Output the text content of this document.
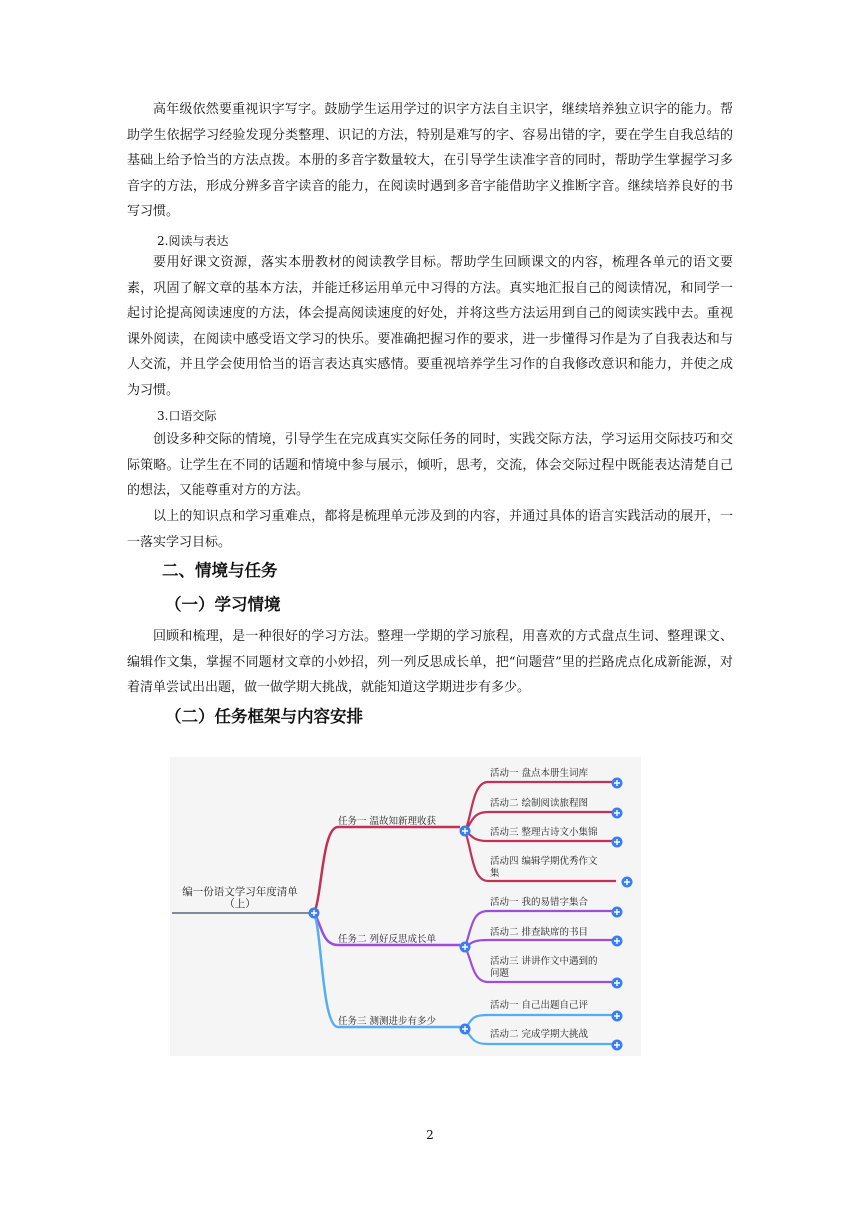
高年级依然要重视识字写字。鼓励学生运用学过的识字方法自主识字，继续培养独立识字的能力。帮助学生依据学习经验发现分类整理、识记的方法，特别是难写的字、容易出错的字，要在学生自我总结的基础上给予恰当的方法点拨。本册的多音字数量较大，在引导学生读准字音的同时，帮助学生掌握学习多音字的方法，形成分辨多音字读音的能力，在阅读时遇到多音字能借助字义推断字音。继续培养良好的书写习惯。

2.阅读与表达

要用好课文资源，落实本册教材的阅读教学目标。帮助学生回顾课文的内容，梳理各单元的语文要素，巩固了解文章的基本方法，并能迁移运用单元中习得的方法。真实地汇报自己的阅读情况，和同学一起讨论提高阅读速度的方法，体会提高阅读速度的好处，并将这些方法运用到自己的阅读实践中去。重视课外阅读，在阅读中感受语文学习的快乐。要准确把握习作的要求，进一步懂得习作是为了自我表达和与人交流，并且学会使用恰当的语言表达真实感情。要重视培养学生习作的自我修改意识和能力，并使之成为习惯。

3.口语交际

创设多种交际的情境，引导学生在完成真实交际任务的同时，实践交际方法，学习运用交际技巧和交际策略。让学生在不同的话题和情境中参与展示，倾听，思考，交流，体会交际过程中既能表达清楚自己的想法，又能尊重对方的方法。

以上的知识点和学习重难点，都将是梳理单元涉及到的内容，并通过具体的语言实践活动的展开，一一落实学习目标。

二、情境与任务
（一）学习情境

回顾和梳理，是一种很好的学习方法。整理一学期的学习旅程，用喜欢的方式盘点生词、整理课文、编辑作文集，掌握不同题材文章的小妙招，列一列反思成长单，把“问题营”里的拦路虎点化成新能源，对着清单尝试出出题，做一做学期大挑战，就能知道这学期进步有多少。

（二）任务框架与内容安排
编一份语文学习年度清单
（上）
任务一 温故知新理收获
任务二 列好反思成长单
任务三 测测进步有多少
活动一 盘点本册生词库
活动二 绘制阅读旅程图
活动三 整理古诗文小集锦
活动四 编辑学期优秀作文
集
活动一 我的易错字集合
活动二 排查缺席的书目
活动三 讲讲作文中遇到的
问题
活动一 自己出题自己评
活动二 完成学期大挑战
2
